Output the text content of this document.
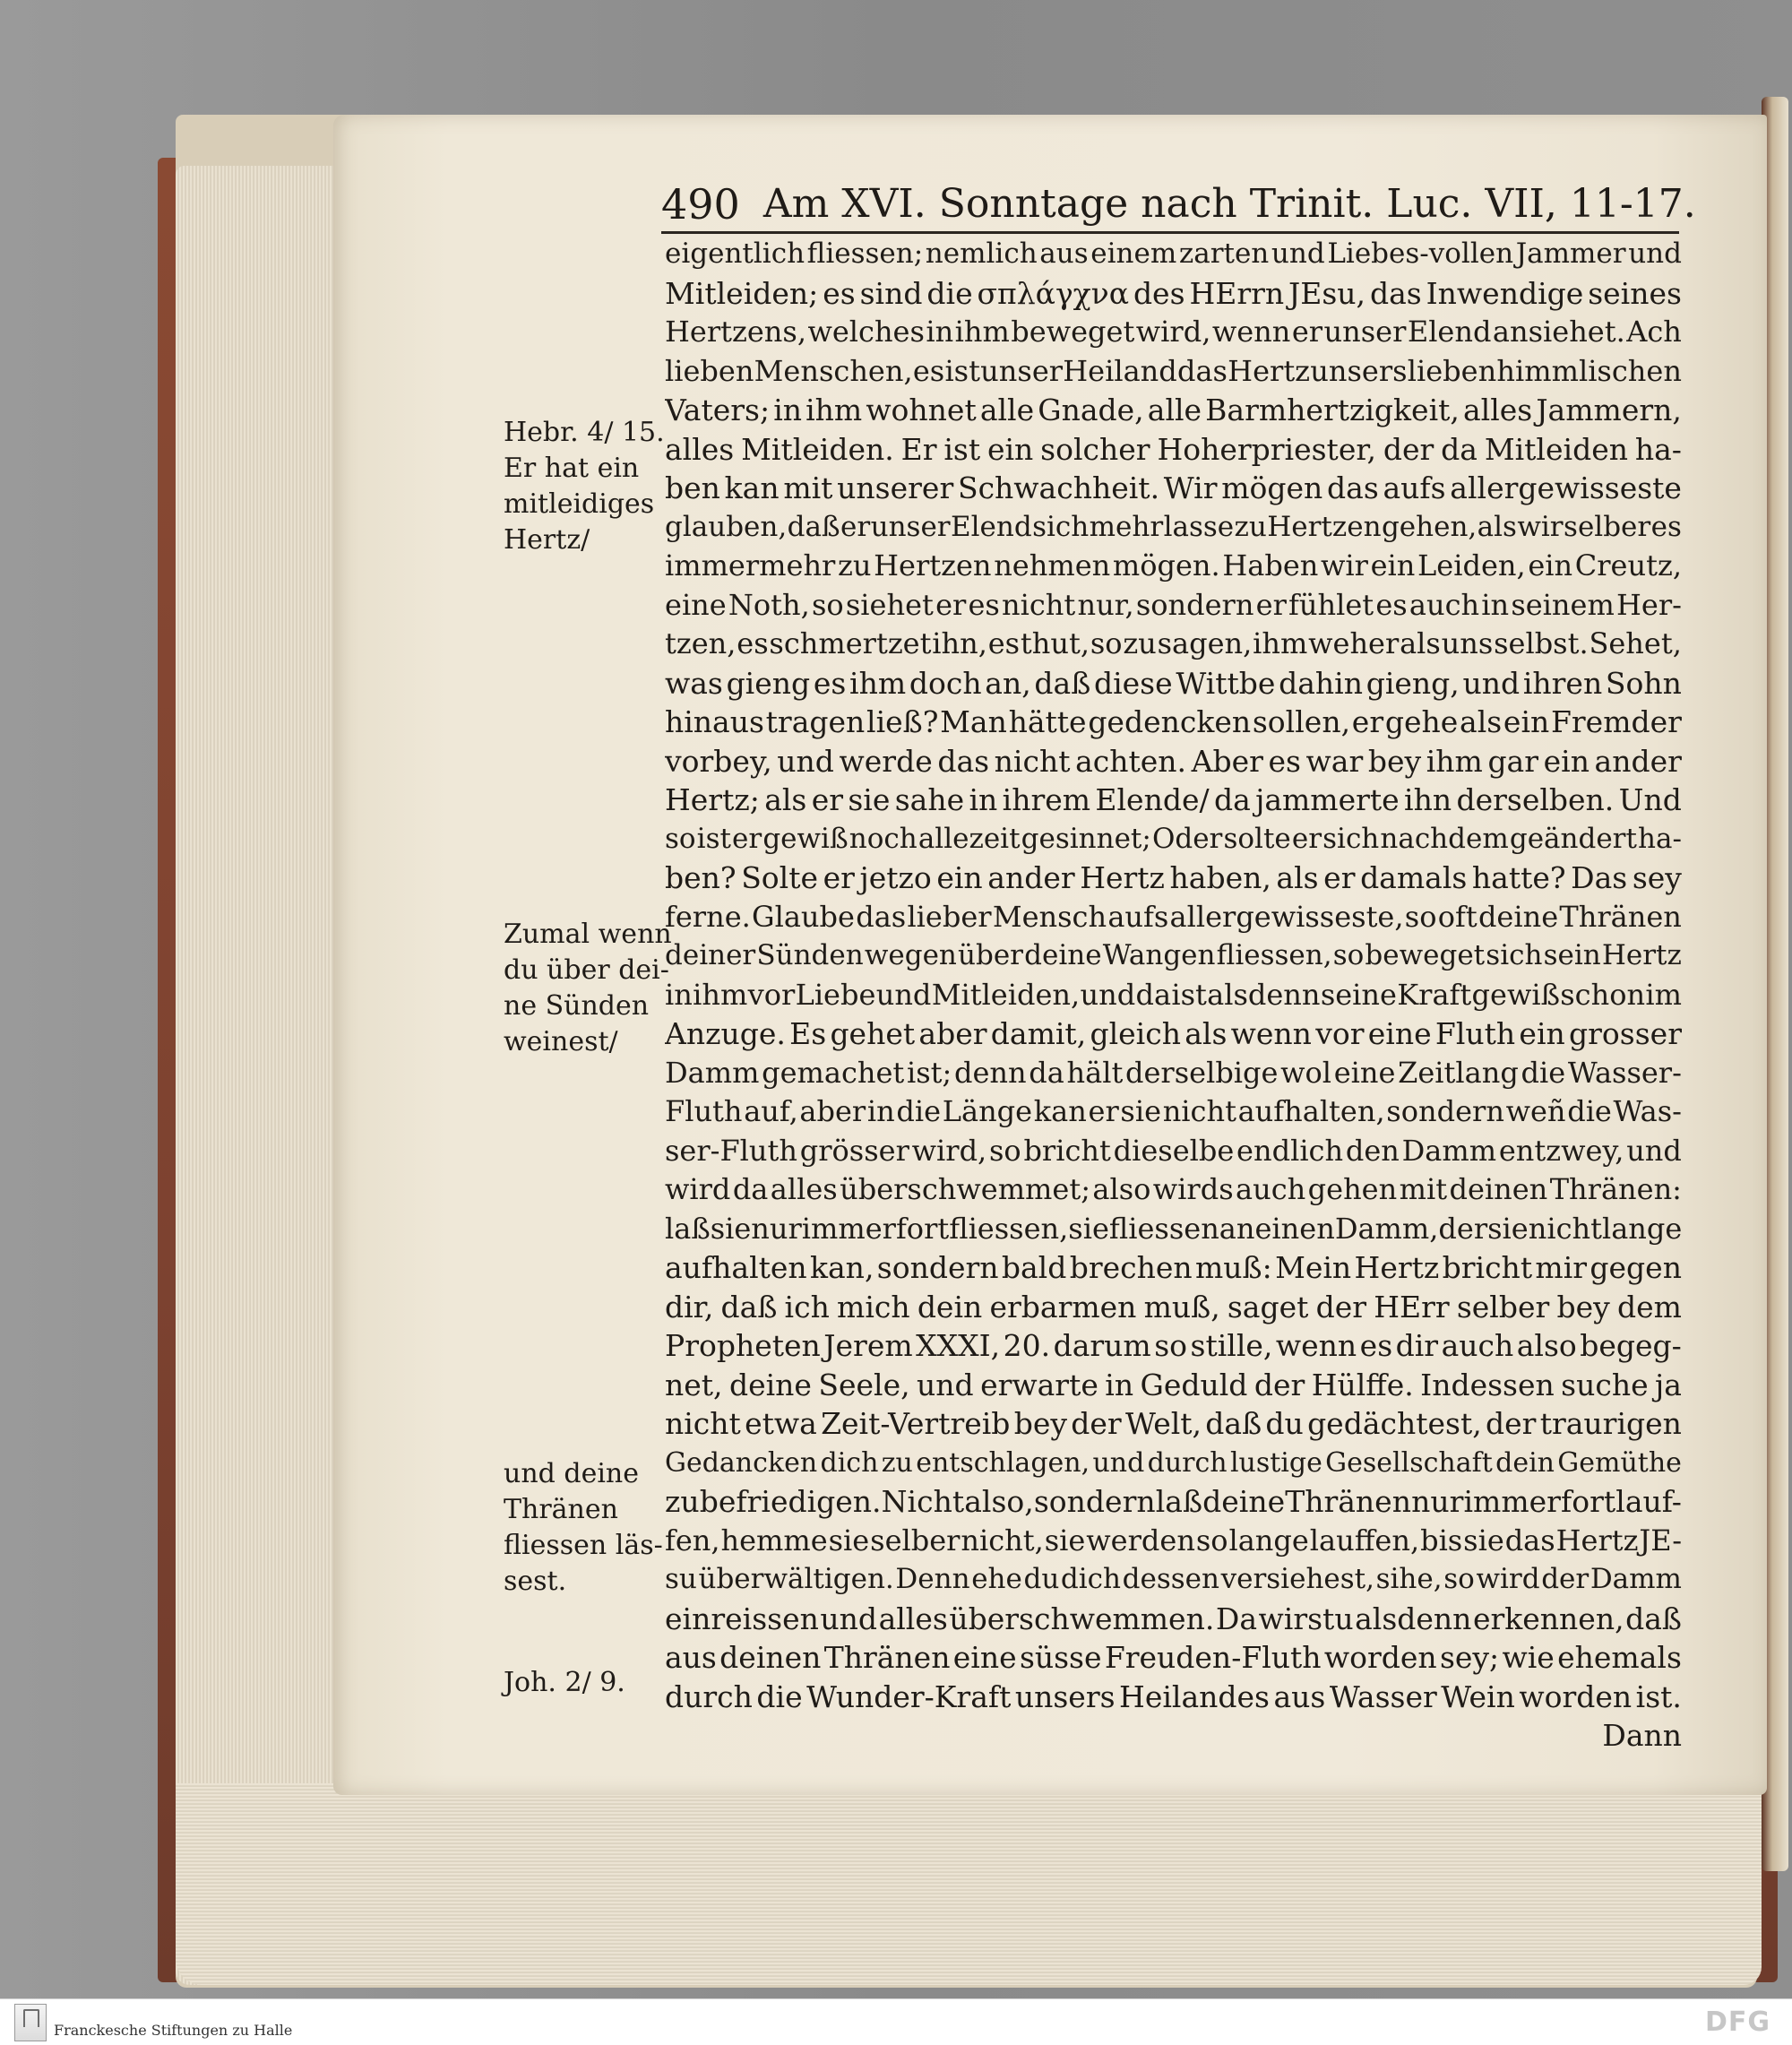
490 Am XVI. Sonntage nach Trinit. Luc. VII, 11-17.
eigentlich fliessen; nemlich aus einem zarten und Liebes-vollen Jammer und
Mitleiden; es sind die σπλάγχνα des HErrn JEsu, das Inwendige seines
Hertzens, welches in ihm beweget wird, wenn er unser Elend ansiehet. Ach
lieben Menschen, es ist unser Heiland das Hertz unsers lieben himmlischen
Vaters; in ihm wohnet alle Gnade, alle Barmhertzigkeit, alles Jammern,
alles Mitleiden. Er ist ein solcher Hoherpriester, der da Mitleiden ha-
ben kan mit unserer Schwachheit. Wir mögen das aufs allergewisseste
glauben, daß er unser Elend sich mehr lasse zu Hertzen gehen, als wir selber es
immermehr zu Hertzen nehmen mögen. Haben wir ein Leiden, ein Creutz,
eine Noth, so siehet er es nicht nur, sondern er fühlet es auch in seinem Her-
tzen, es schmertzet ihn, es thut, so zu sagen, ihm weher als uns selbst. Sehet,
was gieng es ihm doch an, daß diese Wittbe dahin gieng, und ihren Sohn
hinaus tragen ließ? Man hätte gedencken sollen, er gehe als ein Fremder
vorbey, und werde das nicht achten. Aber es war bey ihm gar ein ander
Hertz; als er sie sahe in ihrem Elende/ da jammerte ihn derselben. Und
so ist er gewiß noch allezeit gesinnet; Oder solte er sich nachdem geändert ha-
ben? Solte er jetzo ein ander Hertz haben, als er damals hatte? Das sey
ferne. Glaube das lieber Mensch aufs allergewisseste, so oft deine Thränen
deiner Sünden wegen über deine Wangen fliessen, so beweget sich sein Hertz
in ihm vor Liebe und Mitleiden, und da ist alsdenn seine Kraft gewiß schon im
Anzuge. Es gehet aber damit, gleich als wenn vor eine Fluth ein grosser
Damm gemachet ist; denn da hält derselbige wol eine Zeitlang die Wasser-
Fluth auf, aber in die Länge kan er sie nicht aufhalten, sondern weñ die Was-
ser-Fluth grösser wird, so bricht dieselbe endlich den Damm entzwey, und
wird da alles überschwemmet; also wirds auch gehen mit deinen Thränen:
laß sie nur immerfort fliessen, sie fliessen an einen Damm, der sie nicht lange
aufhalten kan, sondern bald brechen muß: Mein Hertz bricht mir gegen
dir, daß ich mich dein erbarmen muß, saget der HErr selber bey dem
Propheten Jerem XXXI, 20. darum so stille, wenn es dir auch also begeg-
net, deine Seele, und erwarte in Geduld der Hülffe. Indessen suche ja
nicht etwa Zeit-Vertreib bey der Welt, daß du gedächtest, der traurigen
Gedancken dich zu entschlagen, und durch lustige Gesellschaft dein Gemüthe
zu befriedigen. Nicht also, sondern laß deine Thränen nur immer fort lauf-
fen, hemme sie selber nicht, sie werden so lange lauffen, bis sie das Hertz JE-
su überwältigen. Denn ehe du dich dessen versiehest, sihe, so wird der Damm
einreissen und alles überschwemmen. Da wirstu alsdenn erkennen, daß
aus deinen Thränen eine süsse Freuden-Fluth worden sey; wie ehemals
durch die Wunder-Kraft unsers Heilandes aus Wasser Wein worden ist.
Dann
Hebr. 4/ 15.
Er hat ein
mitleidiges
Hertz/
Zumal wenn
du über dei-
ne Sünden
weinest/
und deine
Thränen
fliessen läs-
sest.
Joh. 2/ 9.
Franckesche Stiftungen zu Halle	DFG
